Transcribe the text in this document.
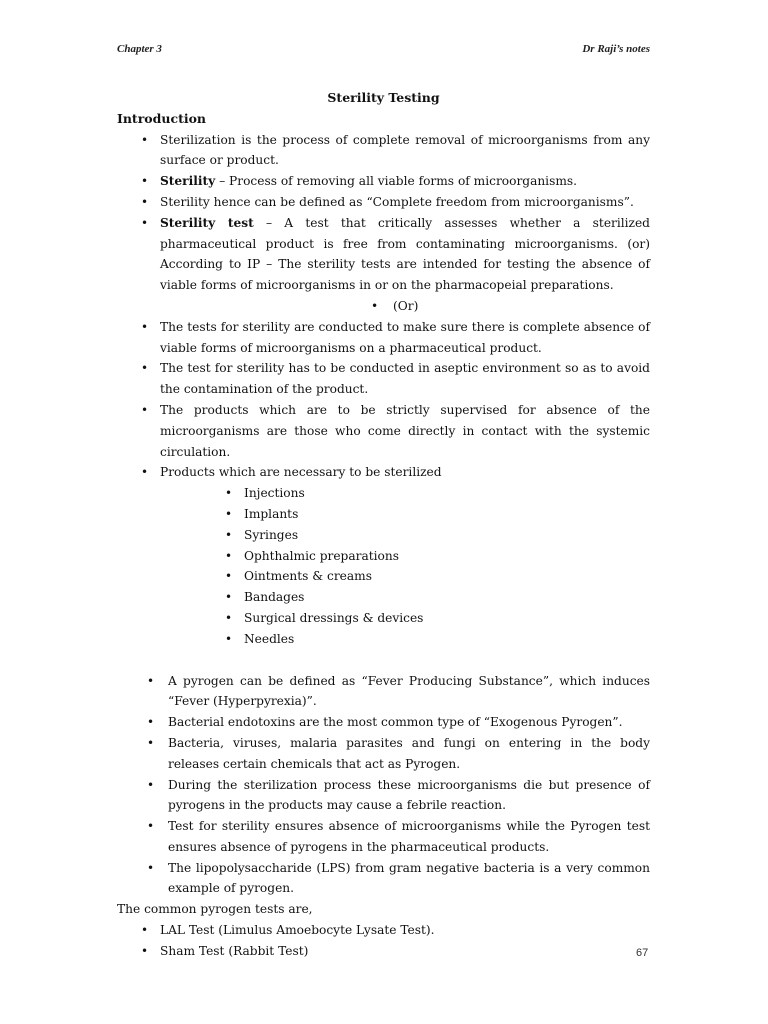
Chapter 3	Dr Raji’s notes
Sterility Testing
Introduction
• Sterilization is the process of complete removal of microorganisms from any surface or product.
• Sterility – Process of removing all viable forms of microorganisms.
• Sterility hence can be defined as “Complete freedom from microorganisms”.
• Sterility test – A test that critically assesses whether a sterilized pharmaceutical product is free from contaminating microorganisms. (or) According to IP – The sterility tests are intended for testing the absence of viable forms of microorganisms in or on the pharmacopeial preparations.
• (Or)
• The tests for sterility are conducted to make sure there is complete absence of viable forms of microorganisms on a pharmaceutical product.
• The test for sterility has to be conducted in aseptic environment so as to avoid the contamination of the product.
• The products which are to be strictly supervised for absence of the microorganisms are those who come directly in contact with the systemic circulation.
• Products which are necessary to be sterilized
• Injections
• Implants
• Syringes
• Ophthalmic preparations
• Ointments & creams
• Bandages
• Surgical dressings & devices
• Needles
• A pyrogen can be defined as “Fever Producing Substance”, which induces “Fever (Hyperpyrexia)”.
• Bacterial endotoxins are the most common type of “Exogenous Pyrogen”.
• Bacteria, viruses, malaria parasites and fungi on entering in the body releases certain chemicals that act as Pyrogen.
• During the sterilization process these microorganisms die but presence of pyrogens in the products may cause a febrile reaction.
• Test for sterility ensures absence of microorganisms while the Pyrogen test ensures absence of pyrogens in the pharmaceutical products.
• The lipopolysaccharide (LPS) from gram negative bacteria is a very common example of pyrogen.
The common pyrogen tests are,
• LAL Test (Limulus Amoebocyte Lysate Test).
• Sham Test (Rabbit Test)	67
